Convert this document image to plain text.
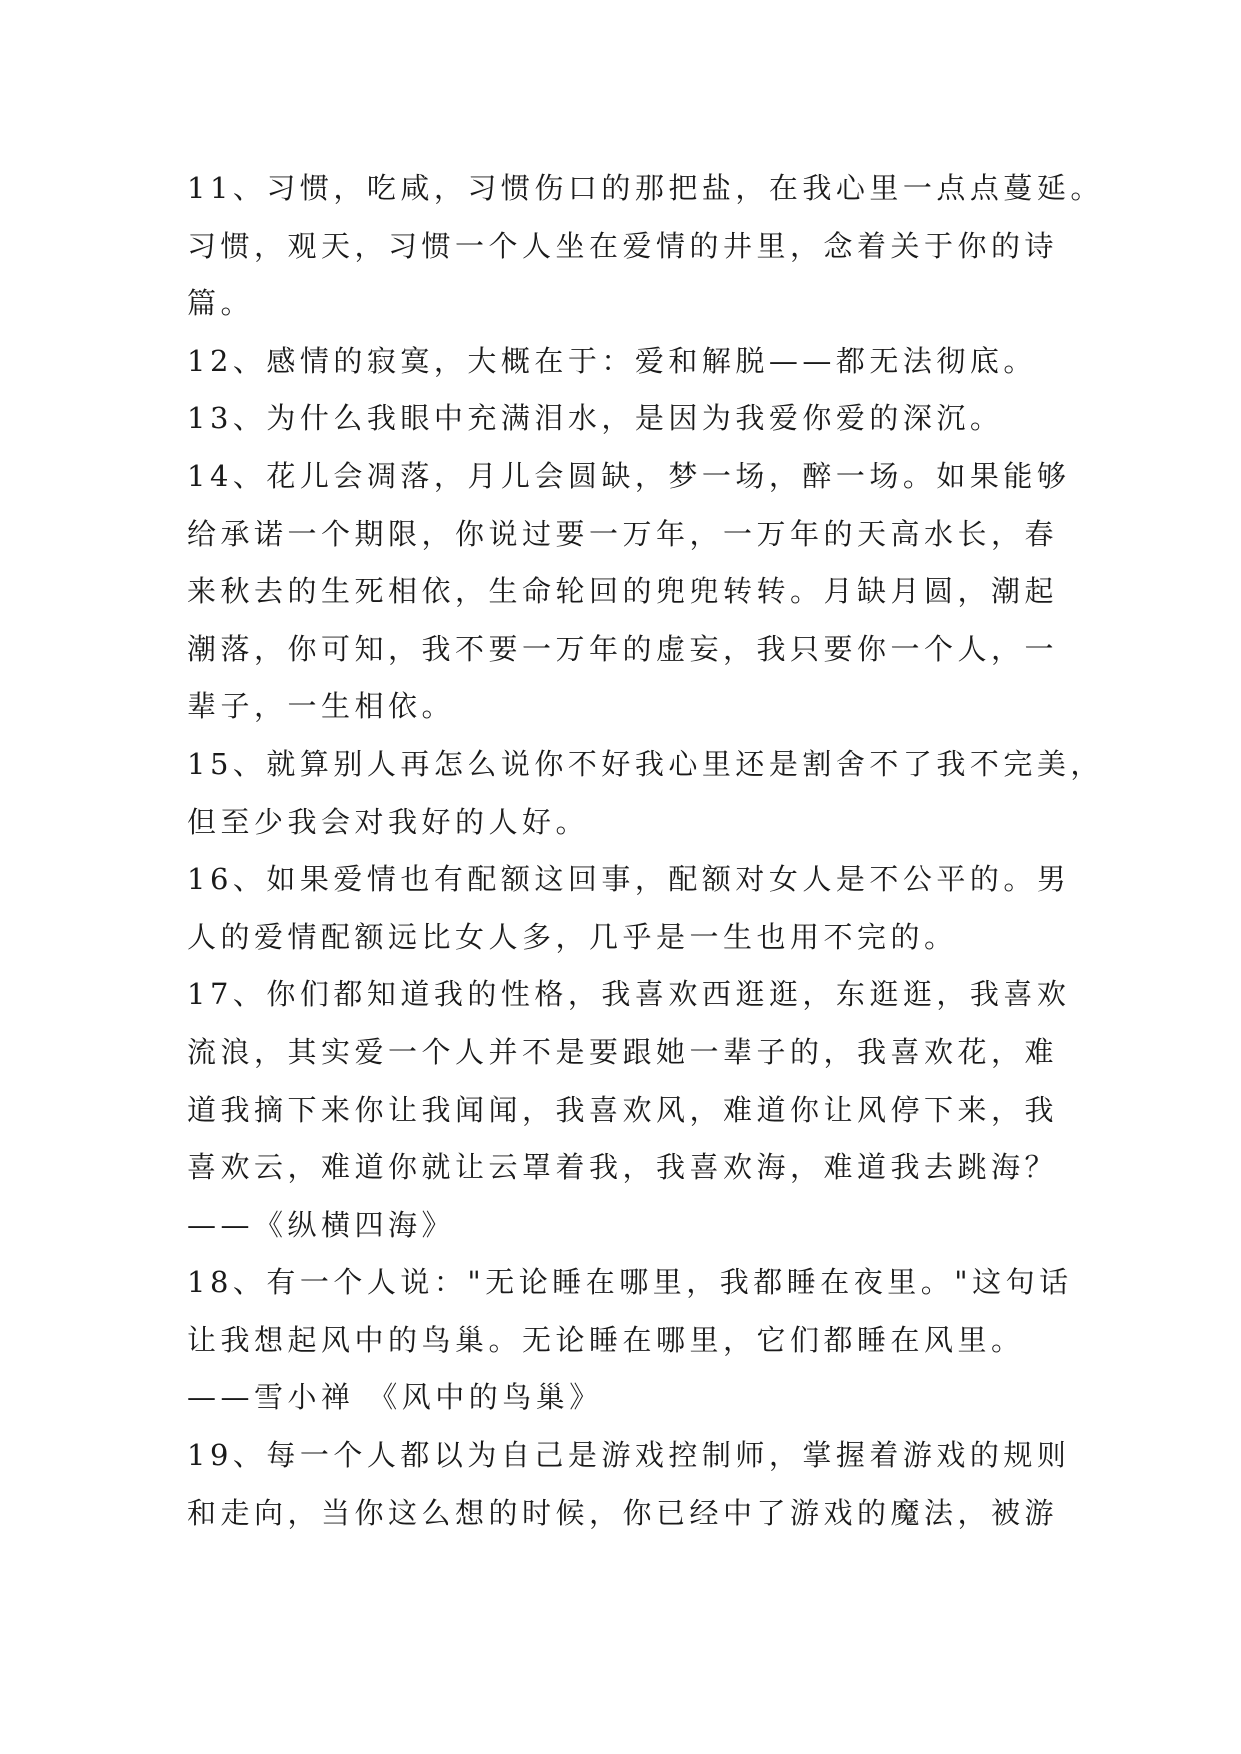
11、习惯，吃咸，习惯伤口的那把盐，在我心里一点点蔓延。
习惯，观天，习惯一个人坐在爱情的井里，念着关于你的诗
篇。
12、感情的寂寞，大概在于：爱和解脱——都无法彻底。
13、为什么我眼中充满泪水，是因为我爱你爱的深沉。
14、花儿会凋落，月儿会圆缺，梦一场，醉一场。如果能够
给承诺一个期限，你说过要一万年，一万年的天高水长，春
来秋去的生死相依，生命轮回的兜兜转转。月缺月圆，潮起
潮落，你可知，我不要一万年的虚妄，我只要你一个人，一
辈子，一生相依。
15、就算别人再怎么说你不好我心里还是割舍不了我不完美，
但至少我会对我好的人好。
16、如果爱情也有配额这回事，配额对女人是不公平的。男
人的爱情配额远比女人多，几乎是一生也用不完的。
17、你们都知道我的性格，我喜欢西逛逛，东逛逛，我喜欢
流浪，其实爱一个人并不是要跟她一辈子的，我喜欢花，难
道我摘下来你让我闻闻，我喜欢风，难道你让风停下来，我
喜欢云，难道你就让云罩着我，我喜欢海，难道我去跳海？
——《纵横四海》
18、有一个人说："无论睡在哪里，我都睡在夜里。"这句话
让我想起风中的鸟巢。无论睡在哪里，它们都睡在风里。
——雪小禅 《风中的鸟巢》
19、每一个人都以为自己是游戏控制师，掌握着游戏的规则
和走向，当你这么想的时候，你已经中了游戏的魔法，被游
